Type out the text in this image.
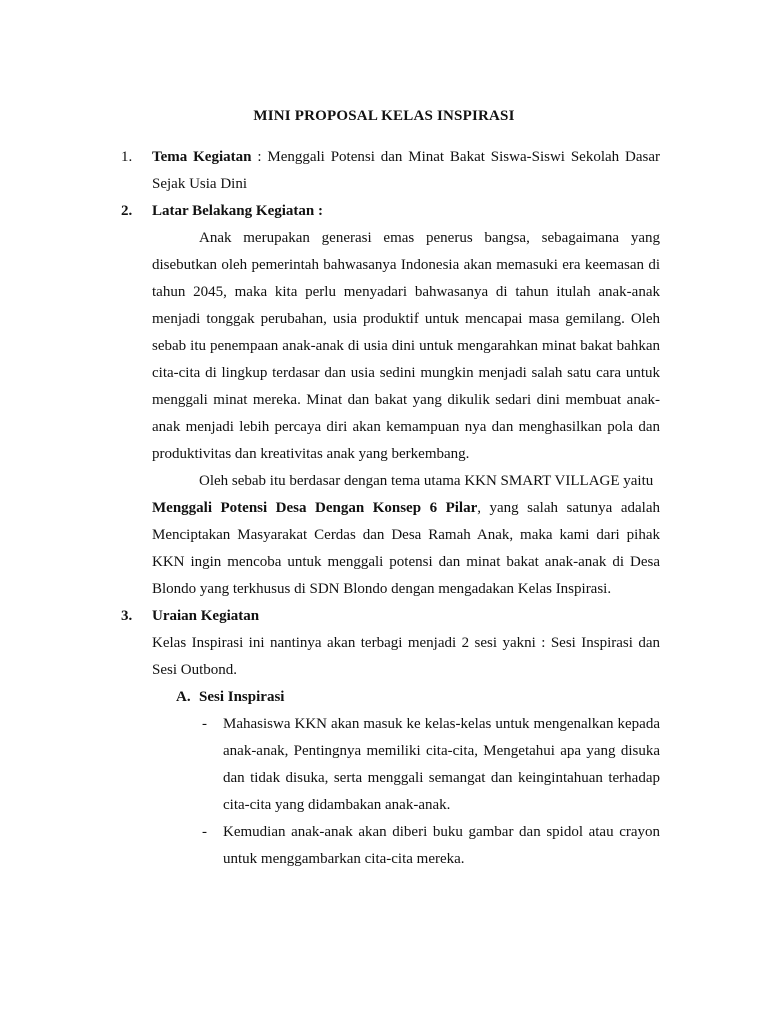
MINI PROPOSAL KELAS INSPIRASI
1. Tema Kegiatan : Menggali Potensi dan Minat Bakat Siswa-Siswi Sekolah Dasar
Sejak Usia Dini
2. Latar Belakang Kegiatan :
Anak merupakan generasi emas penerus bangsa, sebagaimana yang
disebutkan oleh pemerintah bahwasanya Indonesia akan memasuki era keemasan di
tahun 2045, maka kita perlu menyadari bahwasanya di tahun itulah anak-anak
menjadi tonggak perubahan, usia produktif untuk mencapai masa gemilang. Oleh
sebab itu penempaan anak-anak di usia dini untuk mengarahkan minat bakat bahkan
cita-cita di lingkup terdasar dan usia sedini mungkin menjadi salah satu cara untuk
menggali minat mereka. Minat dan bakat yang dikulik sedari dini membuat anak-
anak menjadi lebih percaya diri akan kemampuan nya dan menghasilkan pola dan
produktivitas dan kreativitas anak yang berkembang.
Oleh sebab itu berdasar dengan tema utama KKN SMART VILLAGE yaitu
Menggali Potensi Desa Dengan Konsep 6 Pilar, yang salah satunya adalah
Menciptakan Masyarakat Cerdas dan Desa Ramah Anak, maka kami dari pihak
KKN ingin mencoba untuk menggali potensi dan minat bakat anak-anak di Desa
Blondo yang terkhusus di SDN Blondo dengan mengadakan Kelas Inspirasi.
3. Uraian Kegiatan
Kelas Inspirasi ini nantinya akan terbagi menjadi 2 sesi yakni : Sesi Inspirasi dan
Sesi Outbond.
A. Sesi Inspirasi
- Mahasiswa KKN akan masuk ke kelas-kelas untuk mengenalkan kepada
anak-anak, Pentingnya memiliki cita-cita, Mengetahui apa yang disuka
dan tidak disuka, serta menggali semangat dan keingintahuan terhadap
cita-cita yang didambakan anak-anak.
- Kemudian anak-anak akan diberi buku gambar dan spidol atau crayon
untuk menggambarkan cita-cita mereka.
